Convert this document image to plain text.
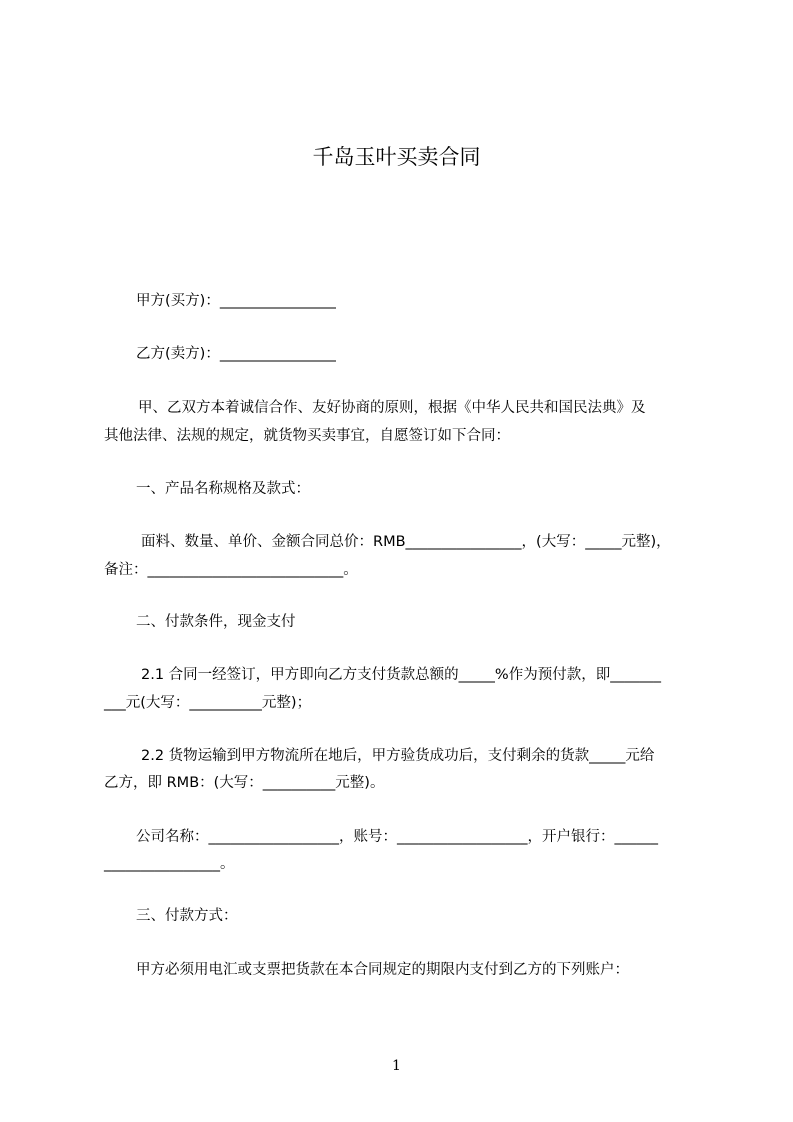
千岛玉叶买卖合同
甲方(买方)：________________
乙方(卖方)：________________
甲、乙双方本着诚信合作、友好协商的原则，根据《中华人民共和国民法典》及
其他法律、法规的规定，就货物买卖事宜，自愿签订如下合同：
一、产品名称规格及款式：
面料、数量、单价、金额合同总价：RMB________________，(大写：_____元整)，
备注：___________________________。
二、付款条件，现金支付
2.1 合同一经签订，甲方即向乙方支付货款总额的_____%作为预付款，即_______
___元(大写：__________元整)；
2.2 货物运输到甲方物流所在地后，甲方验货成功后，支付剩余的货款_____元给
乙方，即 RMB：(大写：__________元整)。
公司名称：__________________，账号：__________________，开户银行：______
________________。
三、付款方式：
甲方必须用电汇或支票把货款在本合同规定的期限内支付到乙方的下列账户：
1
